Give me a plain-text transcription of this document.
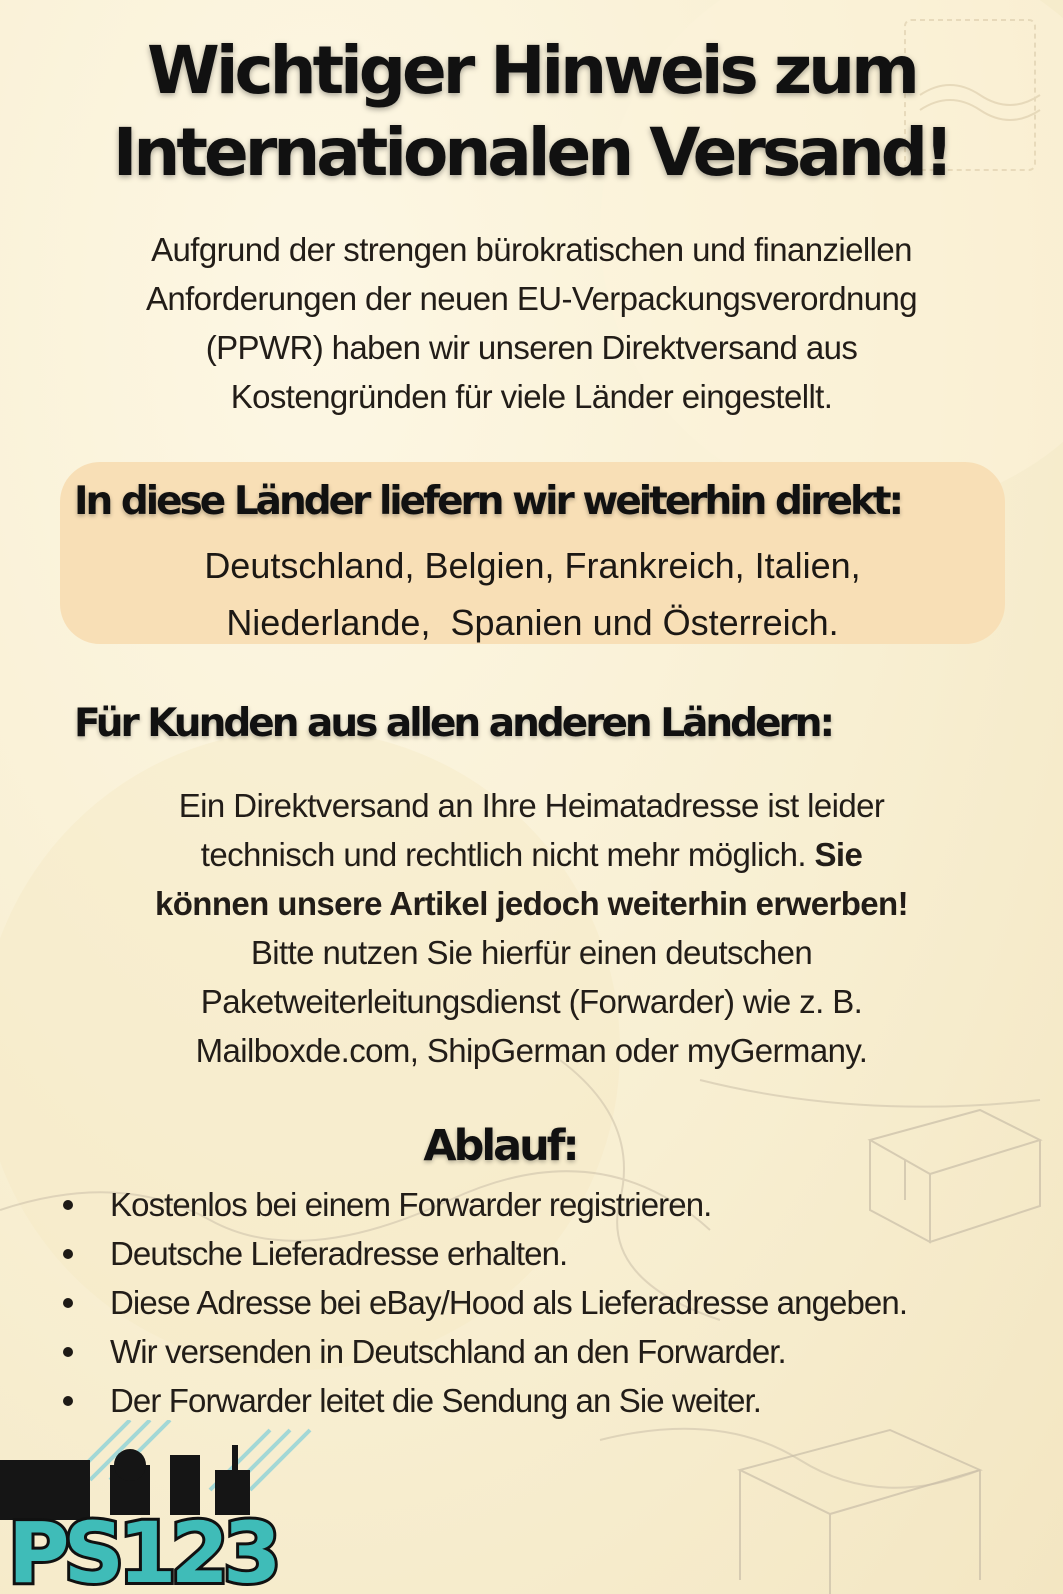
Wichtiger Hinweis zum
Internationalen Versand!
Aufgrund der strengen bürokratischen und finanziellen
Anforderungen der neuen EU-Verpackungsverordnung
(PPWR) haben wir unseren Direktversand aus
Kostengründen für viele Länder eingestellt.
In diese Länder liefern wir weiterhin direkt:
Deutschland, Belgien, Frankreich, Italien,
Niederlande,  Spanien und Österreich.
Für Kunden aus allen anderen Ländern:
Ein Direktversand an Ihre Heimatadresse ist leider
technisch und rechtlich nicht mehr möglich. Sie
können unsere Artikel jedoch weiterhin erwerben!
Bitte nutzen Sie hierfür einen deutschen
Paketweiterleitungsdienst (Forwarder) wie z. B.
Mailboxde.com, ShipGerman oder myGermany.
Ablauf:
Kostenlos bei einem Forwarder registrieren.
Deutsche Lieferadresse erhalten.
Diese Adresse bei eBay/Hood als Lieferadresse angeben.
Wir versenden in Deutschland an den Forwarder.
Der Forwarder leitet die Sendung an Sie weiter.
PS123
